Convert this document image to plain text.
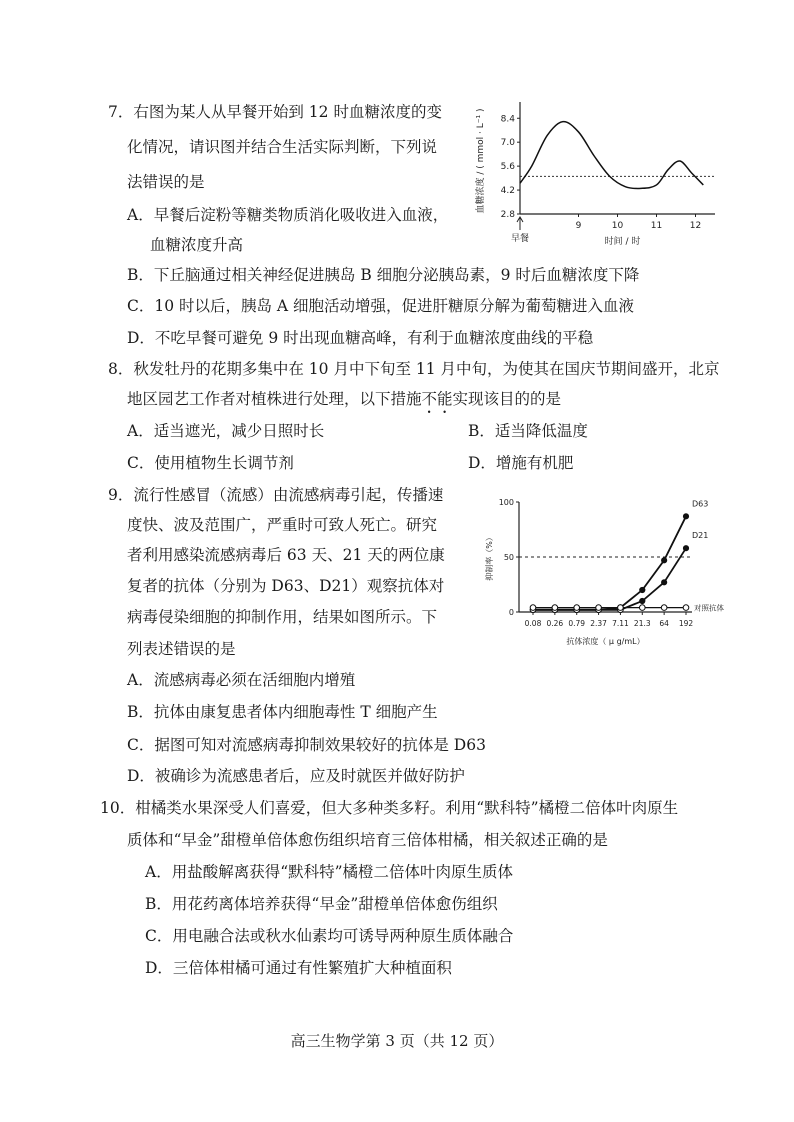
7．右图为某人从早餐开始到 12 时血糖浓度的变
化情况，请识图并结合生活实际判断，下列说
法错误的是
A．早餐后淀粉等糖类物质消化吸收进入血液，
血糖浓度升高
B．下丘脑通过相关神经促进胰岛 B 细胞分泌胰岛素，9 时后血糖浓度下降
C．10 时以后，胰岛 A 细胞活动增强，促进肝糖原分解为葡萄糖进入血液
D．不吃早餐可避免 9 时出现血糖高峰，有利于血糖浓度曲线的平稳
2.8
4.2
5.6
7.0
8.4
9	10	11	12
早餐	时间 / 时
血糖浓度 / ( mmol · L⁻¹ )
8．秋发牡丹的花期多集中在 10 月中下旬至 11 月中旬，为使其在国庆节期间盛开，北京
地区园艺工作者对植株进行处理，以下措施不能实现该目的的是
A．适当遮光，减少日照时长	B．适当降低温度
C．使用植物生长调节剂	D．增施有机肥
9．流行性感冒（流感）由流感病毒引起，传播速
度快、波及范围广，严重时可致人死亡。研究
者利用感染流感病毒后 63 天、21 天的两位康
复者的抗体（分别为 D63、D21）观察抗体对
病毒侵染细胞的抑制作用，结果如图所示。下
列表述错误的是
A．流感病毒必须在活细胞内增殖
B．抗体由康复患者体内细胞毒性 T 细胞产生
C．据图可知对流感病毒抑制效果较好的抗体是 D63
D．被确诊为流感患者后，应及时就医并做好防护
0
50
100
0.08 0.26 0.79 2.37 7.11 21.3 64 192
D63
D21
对照抗体
抗体浓度（ μ g/mL）
抑制率（%）
10．柑橘类水果深受人们喜爱，但大多种类多籽。利用“默科特”橘橙二倍体叶肉原生
质体和“早金”甜橙单倍体愈伤组织培育三倍体柑橘，相关叙述正确的是
A．用盐酸解离获得“默科特”橘橙二倍体叶肉原生质体
B．用花药离体培养获得“早金”甜橙单倍体愈伤组织
C．用电融合法或秋水仙素均可诱导两种原生质体融合
D．三倍体柑橘可通过有性繁殖扩大种植面积
高三生物学第 3 页（共 12 页）
